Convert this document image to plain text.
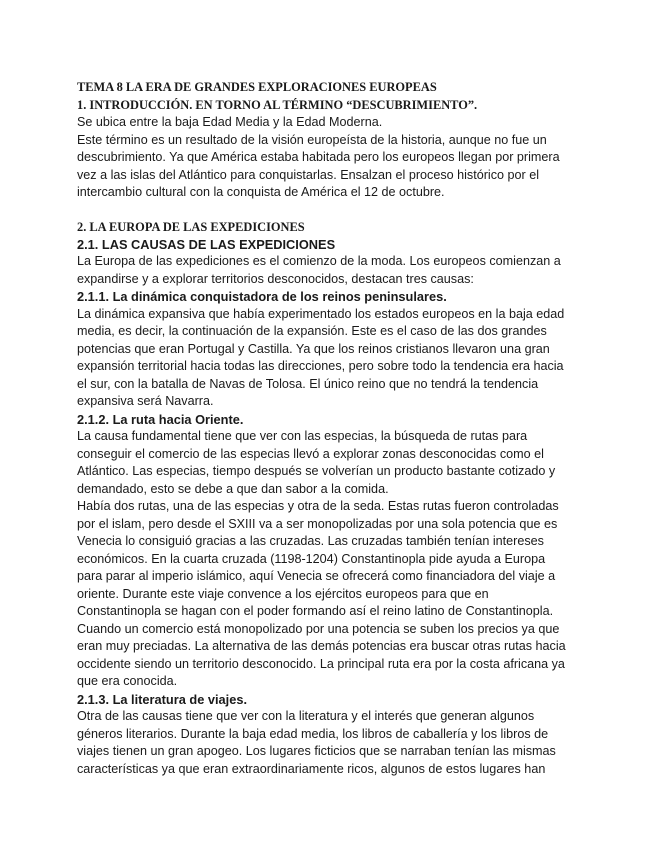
TEMA 8 LA ERA DE GRANDES EXPLORACIONES EUROPEAS
1. INTRODUCCIÓN. EN TORNO AL TÉRMINO “DESCUBRIMIENTO”.
Se ubica entre la baja Edad Media y la Edad Moderna.
Este término es un resultado de la visión europeísta de la historia, aunque no fue un
descubrimiento. Ya que América estaba habitada pero los europeos llegan por primera
vez a las islas del Atlántico para conquistarlas. Ensalzan el proceso histórico por el
intercambio cultural con la conquista de América el 12 de octubre.
2. LA EUROPA DE LAS EXPEDICIONES
2.1. LAS CAUSAS DE LAS EXPEDICIONES
La Europa de las expediciones es el comienzo de la moda. Los europeos comienzan a
expandirse y a explorar territorios desconocidos, destacan tres causas:
2.1.1. La dinámica conquistadora de los reinos peninsulares.
La dinámica expansiva que había experimentado los estados europeos en la baja edad
media, es decir, la continuación de la expansión. Este es el caso de las dos grandes
potencias que eran Portugal y Castilla. Ya que los reinos cristianos llevaron una gran
expansión territorial hacia todas las direcciones, pero sobre todo la tendencia era hacia
el sur, con la batalla de Navas de Tolosa. El único reino que no tendrá la tendencia
expansiva será Navarra.
2.1.2. La ruta hacia Oriente.
La causa fundamental tiene que ver con las especias, la búsqueda de rutas para
conseguir el comercio de las especias llevó a explorar zonas desconocidas como el
Atlántico. Las especias, tiempo después se volverían un producto bastante cotizado y
demandado, esto se debe a que dan sabor a la comida.
Había dos rutas, una de las especias y otra de la seda. Estas rutas fueron controladas
por el islam, pero desde el SXIII va a ser monopolizadas por una sola potencia que es
Venecia lo consiguió gracias a las cruzadas. Las cruzadas también tenían intereses
económicos. En la cuarta cruzada (1198-1204) Constantinopla pide ayuda a Europa
para parar al imperio islámico, aquí Venecia se ofrecerá como financiadora del viaje a
oriente. Durante este viaje convence a los ejércitos europeos para que en
Constantinopla se hagan con el poder formando así el reino latino de Constantinopla.
Cuando un comercio está monopolizado por una potencia se suben los precios ya que
eran muy preciadas. La alternativa de las demás potencias era buscar otras rutas hacia
occidente siendo un territorio desconocido. La principal ruta era por la costa africana ya
que era conocida.
2.1.3. La literatura de viajes.
Otra de las causas tiene que ver con la literatura y el interés que generan algunos
géneros literarios. Durante la baja edad media, los libros de caballería y los libros de
viajes tienen un gran apogeo. Los lugares ficticios que se narraban tenían las mismas
características ya que eran extraordinariamente ricos, algunos de estos lugares han
